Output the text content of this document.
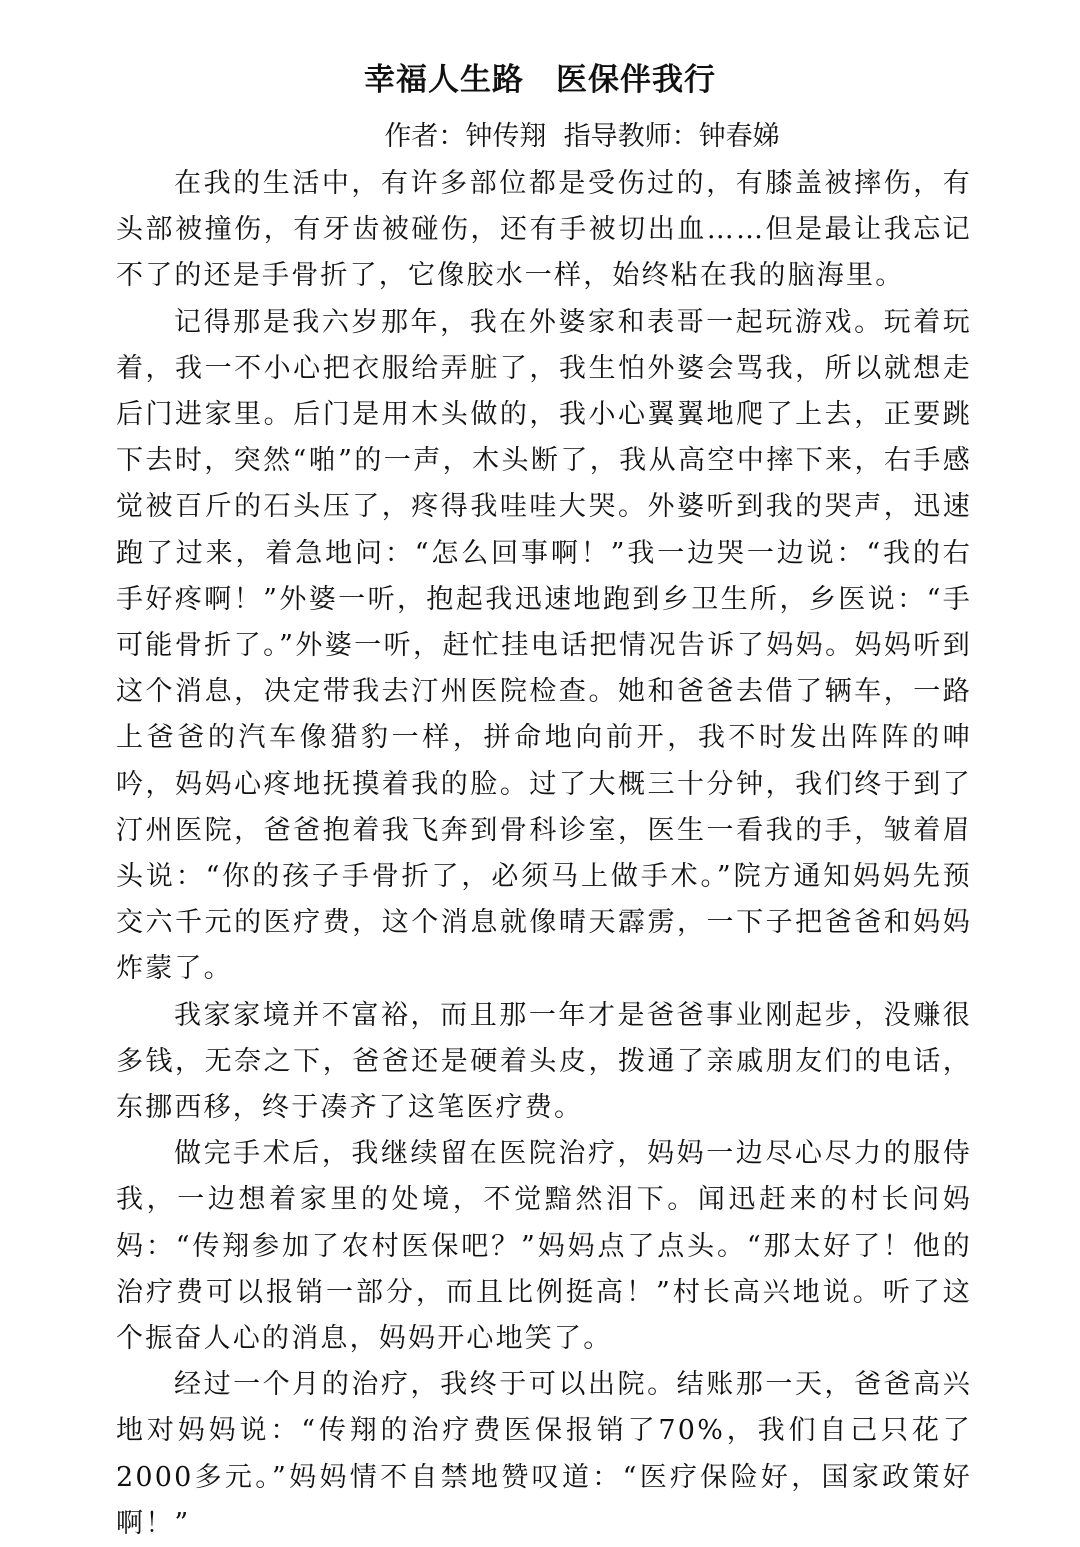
幸福人生路　医保伴我行
作者：钟传翔  指导教师：钟春娣

在我的生活中，有许多部位都是受伤过的，有膝盖被摔伤，有头部被撞伤，有牙齿被碰伤，还有手被切出血……但是最让我忘记不了的还是手骨折了，它像胶水一样，始终粘在我的脑海里。

记得那是我六岁那年，我在外婆家和表哥一起玩游戏。玩着玩着，我一不小心把衣服给弄脏了，我生怕外婆会骂我，所以就想走后门进家里。后门是用木头做的，我小心翼翼地爬了上去，正要跳下去时，突然“啪”的一声，木头断了，我从高空中摔下来，右手感觉被百斤的石头压了，疼得我哇哇大哭。外婆听到我的哭声，迅速跑了过来，着急地问：“怎么回事啊！”我一边哭一边说：“我的右手好疼啊！”外婆一听，抱起我迅速地跑到乡卫生所，乡医说：“手可能骨折了。”外婆一听，赶忙挂电话把情况告诉了妈妈。妈妈听到这个消息，决定带我去汀州医院检查。她和爸爸去借了辆车，一路上爸爸的汽车像猎豹一样，拼命地向前开，我不时发出阵阵的呻吟，妈妈心疼地抚摸着我的脸。过了大概三十分钟，我们终于到了汀州医院，爸爸抱着我飞奔到骨科诊室，医生一看我的手，皱着眉头说：“你的孩子手骨折了，必须马上做手术。”院方通知妈妈先预交六千元的医疗费，这个消息就像晴天霹雳，一下子把爸爸和妈妈炸蒙了。

我家家境并不富裕，而且那一年才是爸爸事业刚起步，没赚很多钱，无奈之下，爸爸还是硬着头皮，拨通了亲戚朋友们的电话，东挪西移，终于凑齐了这笔医疗费。

做完手术后，我继续留在医院治疗，妈妈一边尽心尽力的服侍我，一边想着家里的处境，不觉黯然泪下。闻迅赶来的村长问妈妈：“传翔参加了农村医保吧？”妈妈点了点头。“那太好了！他的治疗费可以报销一部分，而且比例挺高！”村长高兴地说。听了这个振奋人心的消息，妈妈开心地笑了。

经过一个月的治疗，我终于可以出院。结账那一天，爸爸高兴地对妈妈说：“传翔的治疗费医保报销了70%，我们自己只花了2000多元。”妈妈情不自禁地赞叹道：“医疗保险好，国家政策好啊！”
